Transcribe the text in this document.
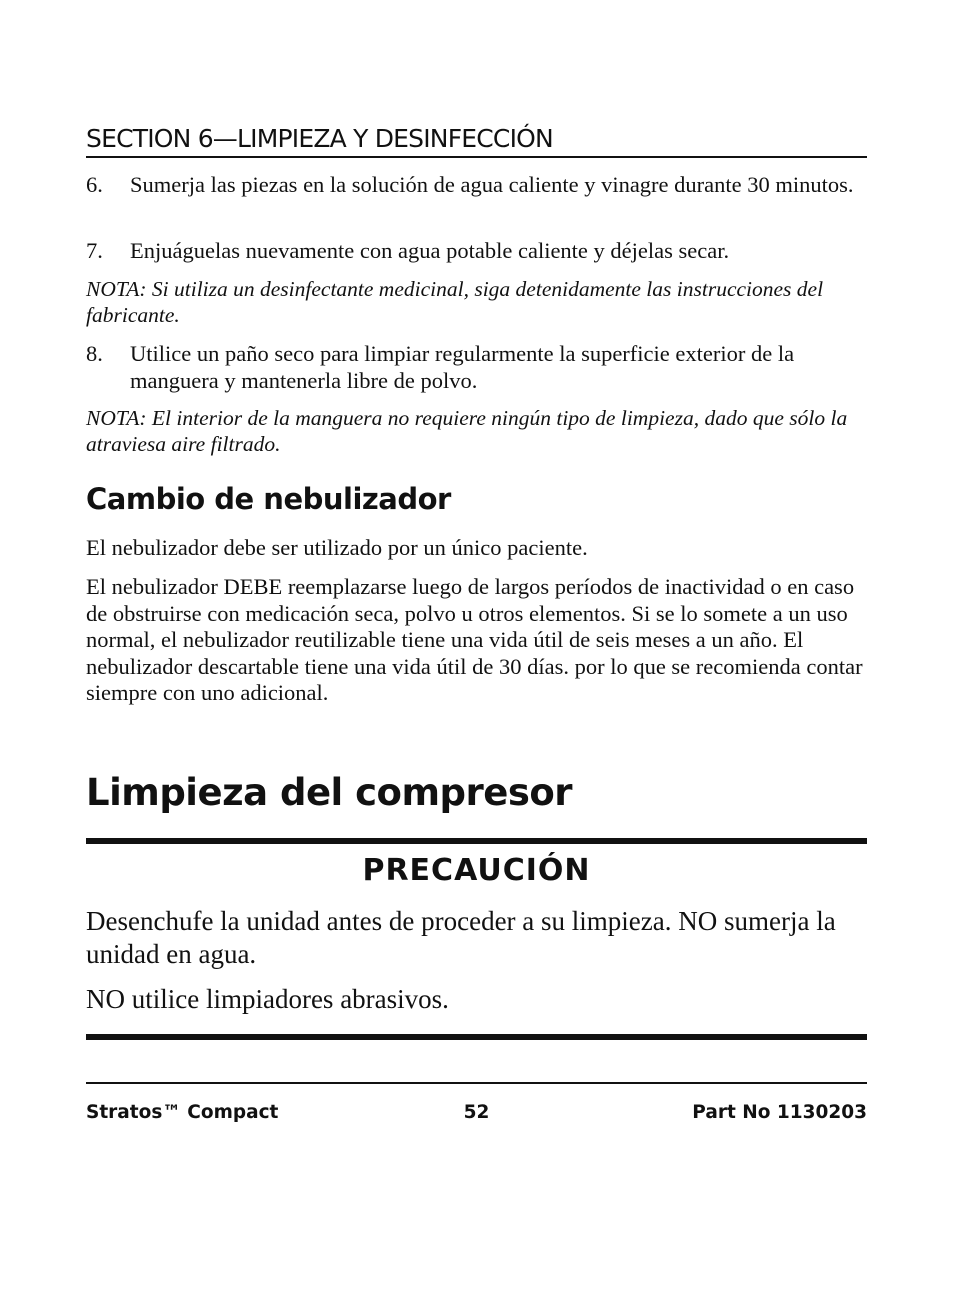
SECTION 6—LIMPIEZA Y DESINFECCIÓN
6. Sumerja las piezas en la solución de agua caliente y vinagre durante 30 minutos.
7. Enjuáguelas nuevamente con agua potable caliente y déjelas secar.
NOTA: Si utiliza un desinfectante medicinal, siga detenidamente las instrucciones del fabricante.
8. Utilice un paño seco para limpiar regularmente la superficie exterior de la manguera y mantenerla libre de polvo.
NOTA: El interior de la manguera no requiere ningún tipo de limpieza, dado que sólo la atraviesa aire filtrado.
Cambio de nebulizador
El nebulizador debe ser utilizado por un único paciente.
El nebulizador DEBE reemplazarse luego de largos períodos de inactividad o en caso de obstruirse con medicación seca, polvo u otros elementos. Si se lo somete a un uso normal, el nebulizador reutilizable tiene una vida útil de seis meses a un año. El nebulizador descartable tiene una vida útil de 30 días. por lo que se recomienda contar siempre con uno adicional.
Limpieza del compresor
PRECAUCIÓN
Desenchufe la unidad antes de proceder a su limpieza. NO sumerja la unidad en agua.
NO utilice limpiadores abrasivos.
Stratos™ Compact	52	Part No 1130203
